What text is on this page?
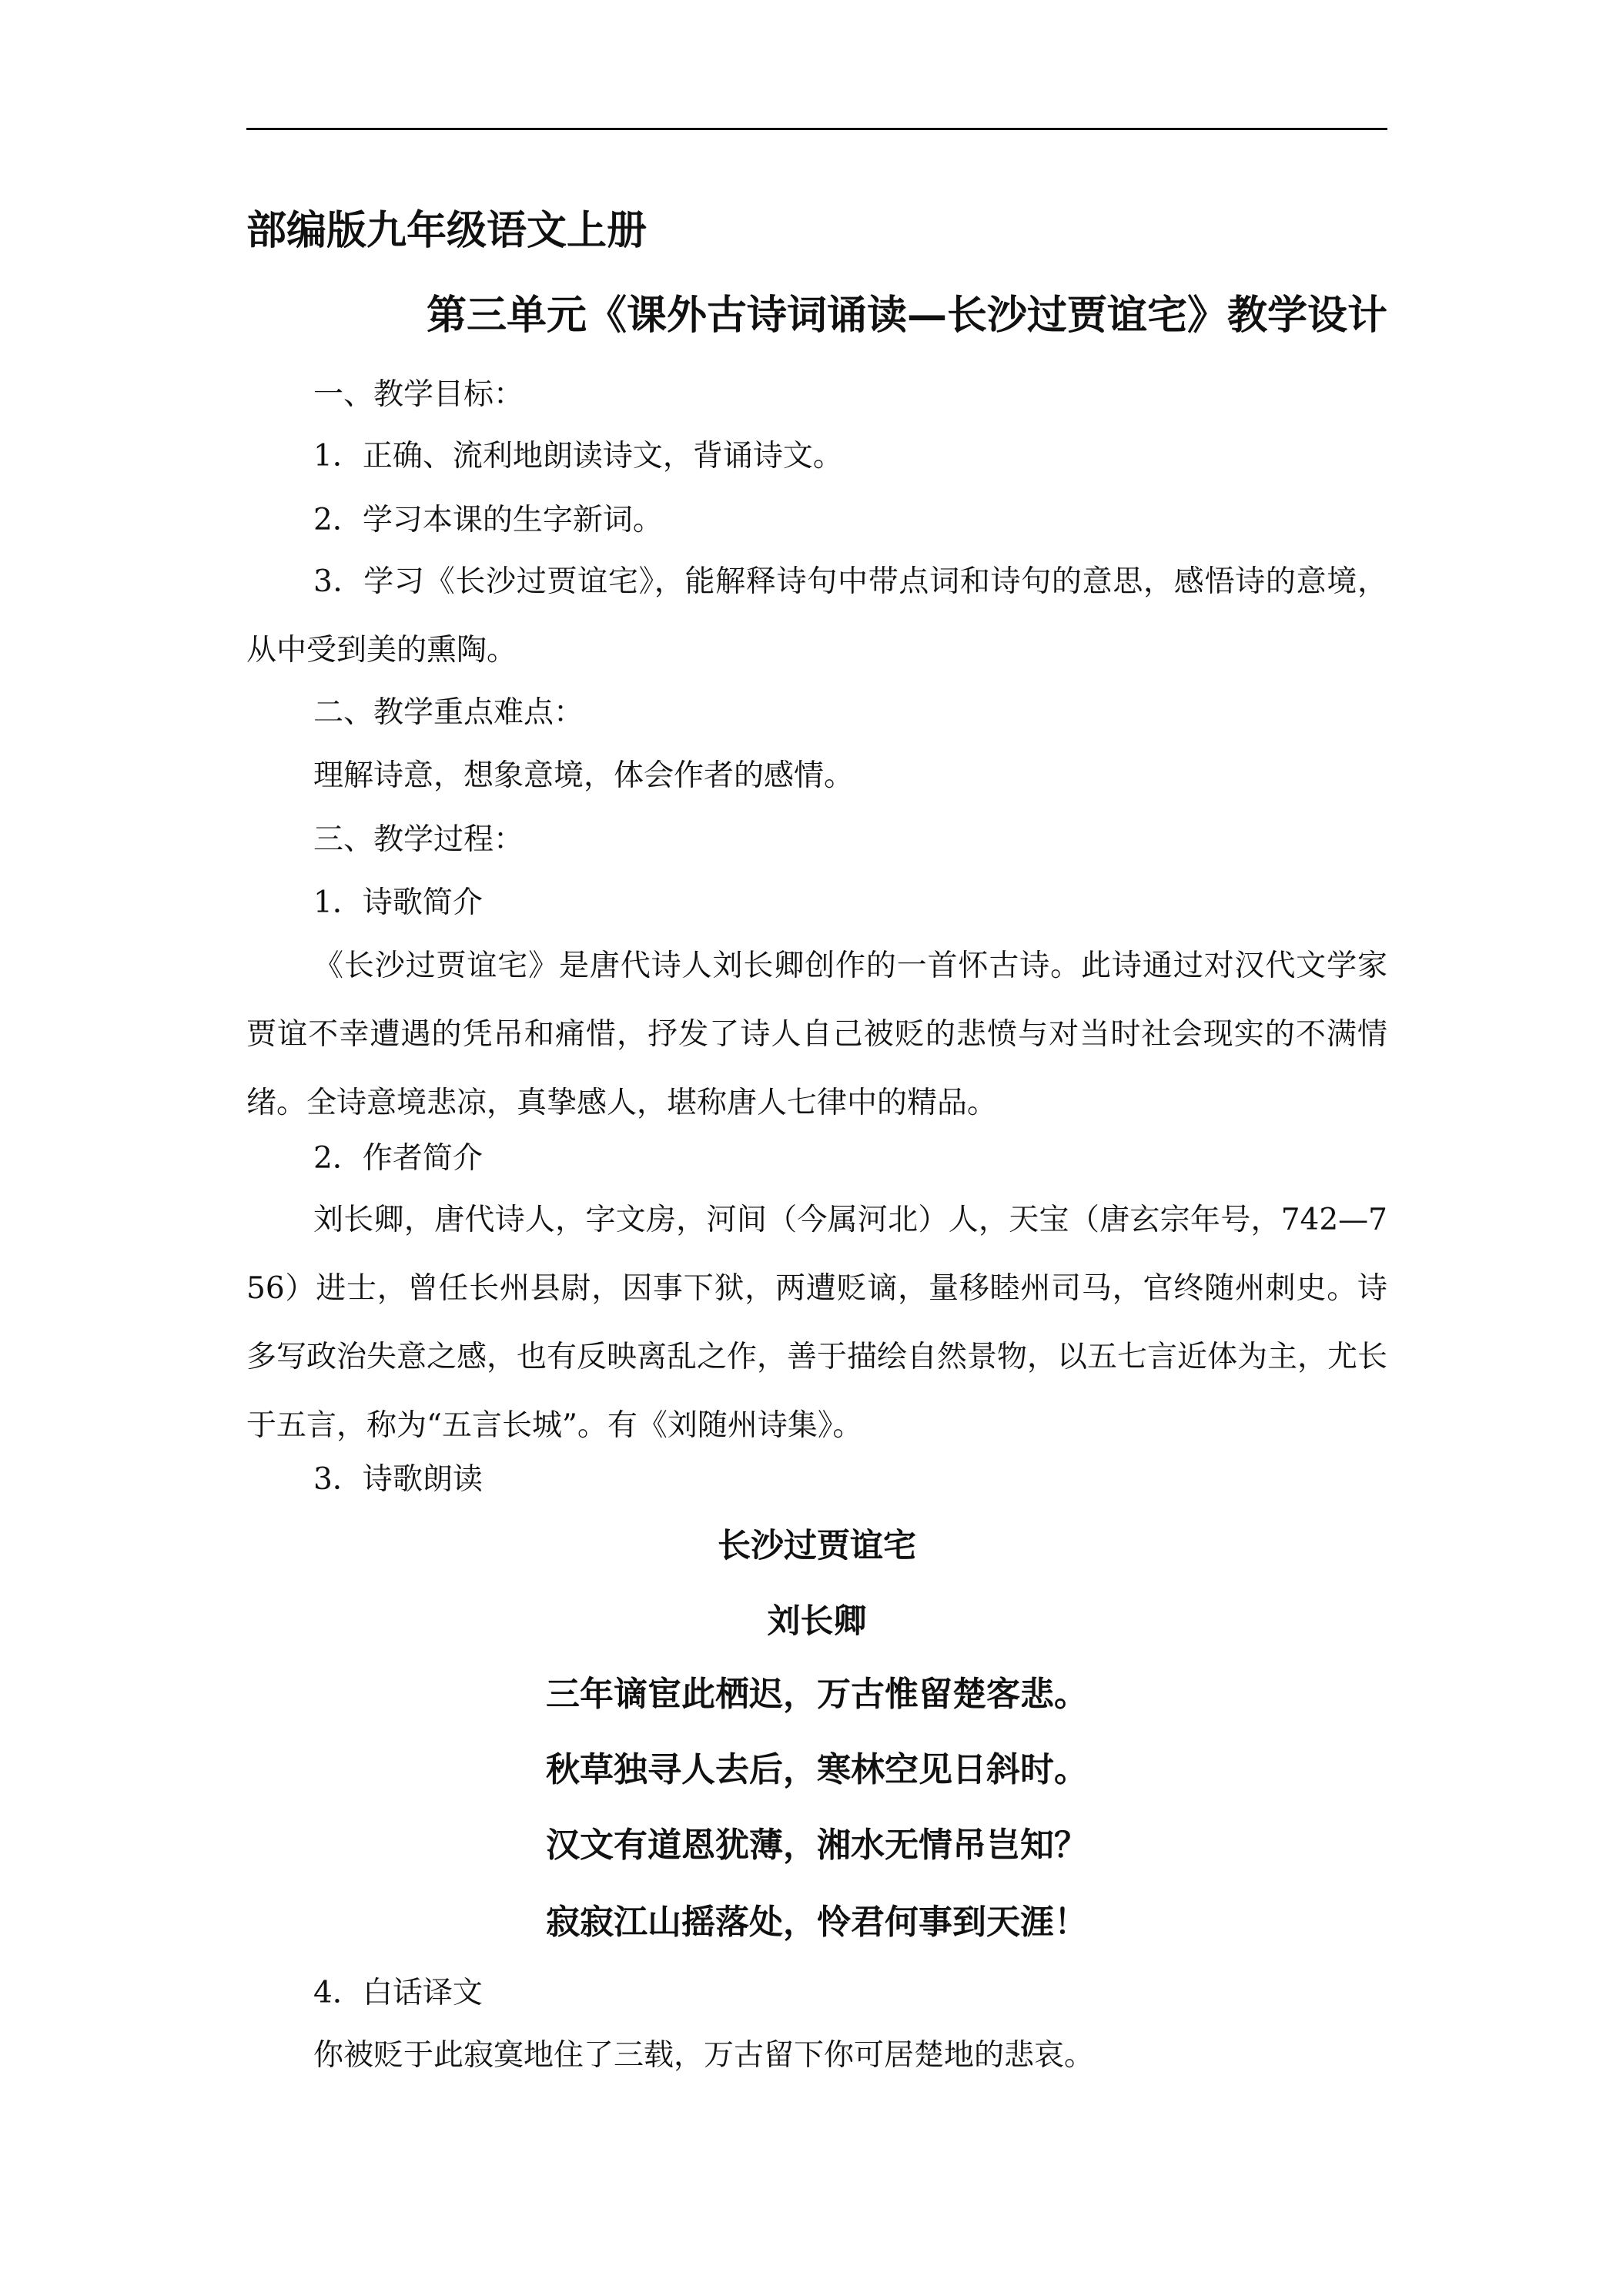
部编版九年级语文上册
第三单元《课外古诗词诵读—长沙过贾谊宅》教学设计

一、教学目标：

1．正确、流利地朗读诗文，背诵诗文。

2．学习本课的生字新词。

3．学习《长沙过贾谊宅》，能解释诗句中带点词和诗句的意思，感悟诗的意境，从中受到美的熏陶。

二、教学重点难点：

理解诗意，想象意境，体会作者的感情。

三、教学过程：

1．诗歌简介

《长沙过贾谊宅》是唐代诗人刘长卿创作的一首怀古诗。此诗通过对汉代文学家贾谊不幸遭遇的凭吊和痛惜，抒发了诗人自己被贬的悲愤与对当时社会现实的不满情绪。全诗意境悲凉，真挚感人，堪称唐人七律中的精品。

2．作者简介

刘长卿，唐代诗人，字文房，河间（今属河北）人，天宝（唐玄宗年号，742—756）进士，曾任长州县尉，因事下狱，两遭贬谪，量移睦州司马，官终随州刺史。诗多写政治失意之感，也有反映离乱之作，善于描绘自然景物，以五七言近体为主，尤长于五言，称为“五言长城”。有《刘随州诗集》。

3．诗歌朗读

长沙过贾谊宅

刘长卿

三年谪宦此栖迟，万古惟留楚客悲。

秋草独寻人去后，寒林空见日斜时。

汉文有道恩犹薄，湘水无情吊岂知？

寂寂江山摇落处，怜君何事到天涯！

4．白话译文

你被贬于此寂寞地住了三载，万古留下你可居楚地的悲哀。
